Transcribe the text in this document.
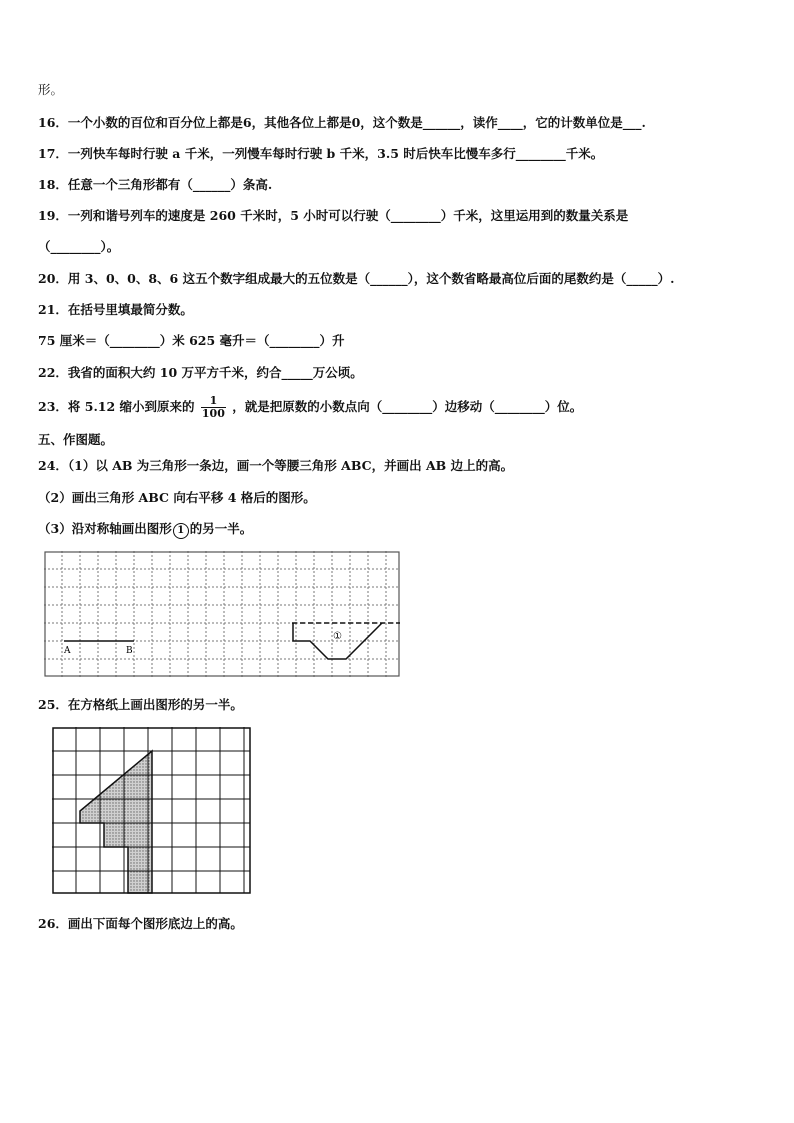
形。
16．一个小数的百位和百分位上都是6，其他各位上都是0，这个数是______，读作____，它的计数单位是___.
17．一列快车每时行驶 a 千米，一列慢车每时行驶 b 千米，3.5 时后快车比慢车多行________千米。
18．任意一个三角形都有（______）条高.
19．一列和谐号列车的速度是 260 千米时，5 小时可以行驶（________）千米，这里运用到的数量关系是
（________）。
20．用 3、0、0、8、6 这五个数字组成最大的五位数是（______），这个数省略最高位后面的尾数约是（_____）.
21．在括号里填最简分数。
75 厘米＝（________）米 625 毫升＝（________）升
22．我省的面积大约 10 万平方千米，约合_____万公顷。
23．将 5.12 缩小到原来的 $\frac{1}{100}$ ，就是把原数的小数点向（________）边移动（________）位。
五、作图题。
24．（1）以 AB 为三角形一条边，画一个等腰三角形 ABC，并画出 AB 边上的高。
（2）画出三角形 ABC 向右平移 4 格后的图形。
（3）沿对称轴画出图形 1 的另一半。
A	B
①
25．在方格纸上画出图形的另一半。
26．画出下面每个图形底边上的高。
